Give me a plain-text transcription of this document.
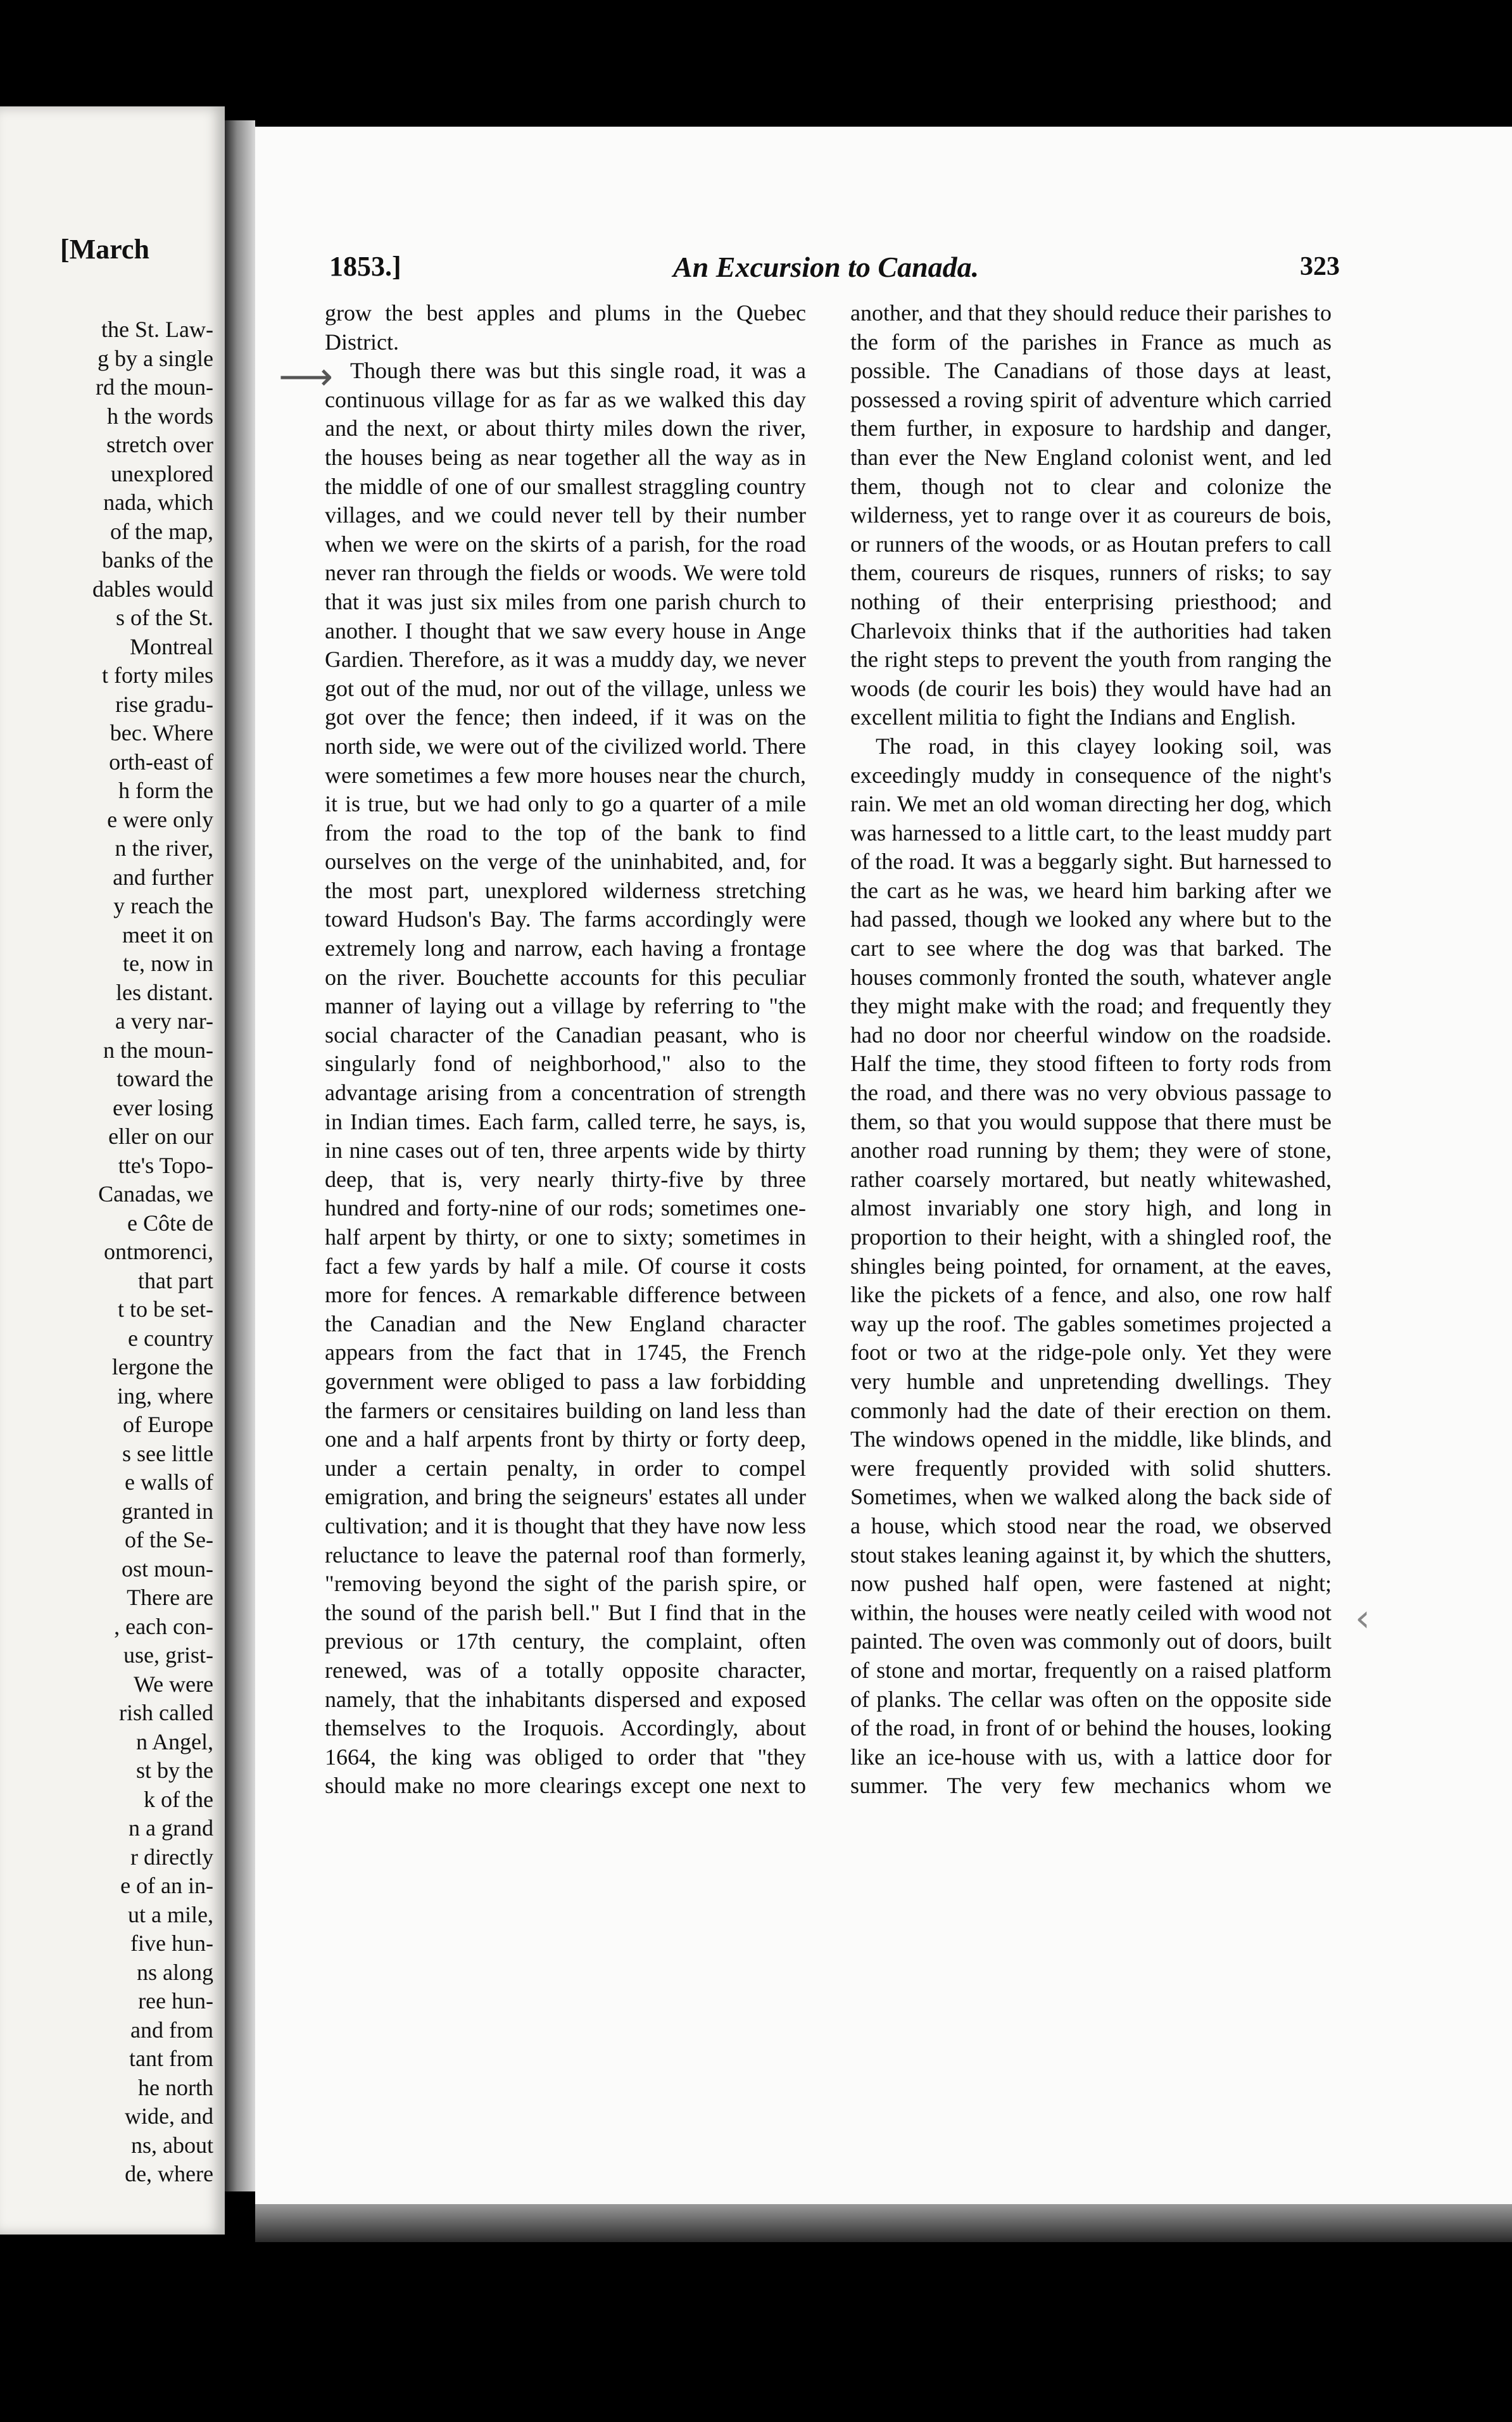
[March
the St. Law-
g by a single
rd the moun-
h the words
stretch over
unexplored
nada, which
of the map,
banks of the
dables would
s of the St.
Montreal
t forty miles
rise gradu-
bec. Where
orth-east of
h form the
e were only
n the river,
and further
y reach the
meet it on
te, now in
les distant.
a very nar-
n the moun-
toward the
ever losing
eller on our
tte's Topo-
Canadas, we
e Côte de
ontmorenci,
that part
t to be set-
e country
lergone the
ing, where
of Europe
s see little
e walls of
granted in
of the Se-
ost moun-
There are
, each con-
use, grist-
We were
rish called
n Angel,
st by the
k of the
n a grand
r directly
e of an in-
ut a mile,
five hun-
ns along
ree hun-
and from
tant from
he north
wide, and
ns, about
de, where
1853.]	An Excursion to Canada.	323

grow the best apples and plums in the Quebec District.

Though there was but this single road, it was a continuous village for as far as we walked this day and the next, or about thirty miles down the river, the houses being as near together all the way as in the middle of one of our smallest straggling country villages, and we could never tell by their number when we were on the skirts of a parish, for the road never ran through the fields or woods. We were told that it was just six miles from one parish church to another. I thought that we saw every house in Ange Gardien. Therefore, as it was a muddy day, we never got out of the mud, nor out of the village, unless we got over the fence; then indeed, if it was on the north side, we were out of the civilized world. There were sometimes a few more houses near the church, it is true, but we had only to go a quarter of a mile from the road to the top of the bank to find ourselves on the verge of the uninhabited, and, for the most part, unexplored wilderness stretching toward Hudson's Bay. The farms accordingly were extremely long and narrow, each having a frontage on the river. Bouchette accounts for this peculiar manner of laying out a village by referring to "the social character of the Canadian peasant, who is singularly fond of neighborhood," also to the advantage arising from a concentration of strength in Indian times. Each farm, called terre, he says, is, in nine cases out of ten, three arpents wide by thirty deep, that is, very nearly thirty-five by three hundred and forty-nine of our rods; sometimes one-half arpent by thirty, or one to sixty; sometimes in fact a few yards by half a mile. Of course it costs more for fences. A remarkable difference between the Canadian and the New England character appears from the fact that in 1745, the French government were obliged to pass a law forbidding the farmers or censitaires building on land less than one and a half arpents front by thirty or forty deep, under a certain penalty, in order to compel emigration, and bring the seigneurs' estates all under cultivation; and it is thought that they have now less reluctance to leave the paternal roof than formerly, "removing beyond the sight of the parish spire, or the sound of the parish bell." But I find that in the previous or 17th century, the complaint, often renewed, was of a totally opposite character, namely, that the inhabitants dispersed and exposed themselves to the Iroquois. Accordingly, about 1664, the king was obliged to order that "they should make no more clearings except one next to

another, and that they should reduce their parishes to the form of the parishes in France as much as possible. The Canadians of those days at least, possessed a roving spirit of adventure which carried them further, in exposure to hardship and danger, than ever the New England colonist went, and led them, though not to clear and colonize the wilderness, yet to range over it as coureurs de bois, or runners of the woods, or as Houtan prefers to call them, coureurs de risques, runners of risks; to say nothing of their enterprising priesthood; and Charlevoix thinks that if the authorities had taken the right steps to prevent the youth from ranging the woods (de courir les bois) they would have had an excellent militia to fight the Indians and English.

The road, in this clayey looking soil, was exceedingly muddy in consequence of the night's rain. We met an old woman directing her dog, which was harnessed to a little cart, to the least muddy part of the road. It was a beggarly sight. But harnessed to the cart as he was, we heard him barking after we had passed, though we looked any where but to the cart to see where the dog was that barked. The houses commonly fronted the south, whatever angle they might make with the road; and frequently they had no door nor cheerful window on the roadside. Half the time, they stood fifteen to forty rods from the road, and there was no very obvious passage to them, so that you would suppose that there must be another road running by them; they were of stone, rather coarsely mortared, but neatly whitewashed, almost invariably one story high, and long in proportion to their height, with a shingled roof, the shingles being pointed, for ornament, at the eaves, like the pickets of a fence, and also, one row half way up the roof. The gables sometimes projected a foot or two at the ridge-pole only. Yet they were very humble and unpretending dwellings. They commonly had the date of their erection on them. The windows opened in the middle, like blinds, and were frequently provided with solid shutters. Sometimes, when we walked along the back side of a house, which stood near the road, we observed stout stakes leaning against it, by which the shutters, now pushed half open, were fastened at night; within, the houses were neatly ceiled with wood not painted. The oven was commonly out of doors, built of stone and mortar, frequently on a raised platform of planks. The cellar was often on the opposite side of the road, in front of or behind the houses, looking like an ice-house with us, with a lattice door for summer. The very few mechanics whom we

⟶
‹
